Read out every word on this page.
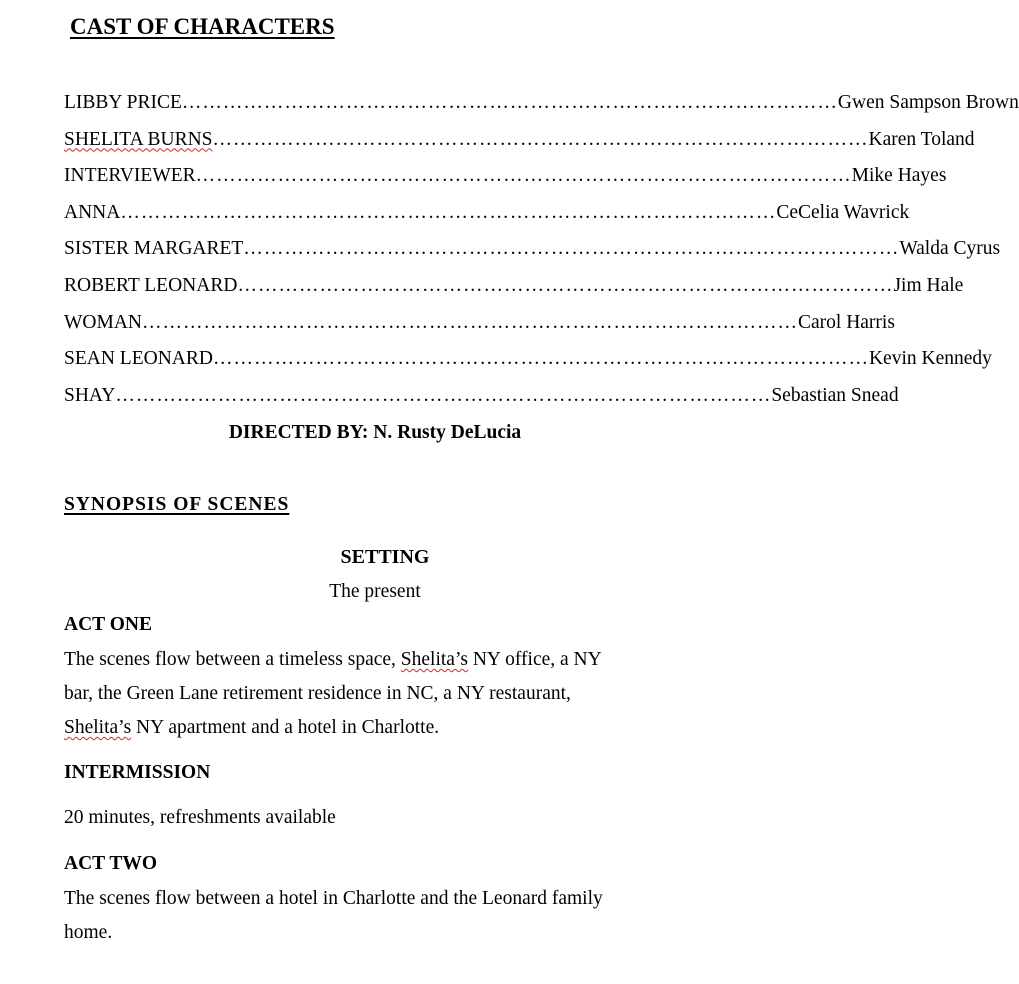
CAST OF CHARACTERS
LIBBY PRICE …………………………………………………………………………………… Gwen Sampson Brown
SHELITA BURNS …………………………………………………………………………………… Karen Toland
INTERVIEWER …………………………………………………………………………………… Mike Hayes
ANNA …………………………………………………………………………………… CeCelia Wavrick
SISTER MARGARET …………………………………………………………………………………… Walda Cyrus
ROBERT LEONARD …………………………………………………………………………………… Jim Hale
WOMAN …………………………………………………………………………………… Carol Harris
SEAN LEONARD …………………………………………………………………………………… Kevin Kennedy
SHAY …………………………………………………………………………………… Sebastian Snead
DIRECTED BY: N. Rusty DeLucia
SYNOPSIS OF SCENES
SETTING
The present
ACT ONE
The scenes flow between a timeless space, Shelita’s NY office, a NY
bar, the Green Lane retirement residence in NC, a NY restaurant,
Shelita’s NY apartment and a hotel in Charlotte.
INTERMISSION
20 minutes, refreshments available
ACT TWO
The scenes flow between a hotel in Charlotte and the Leonard family
home.
